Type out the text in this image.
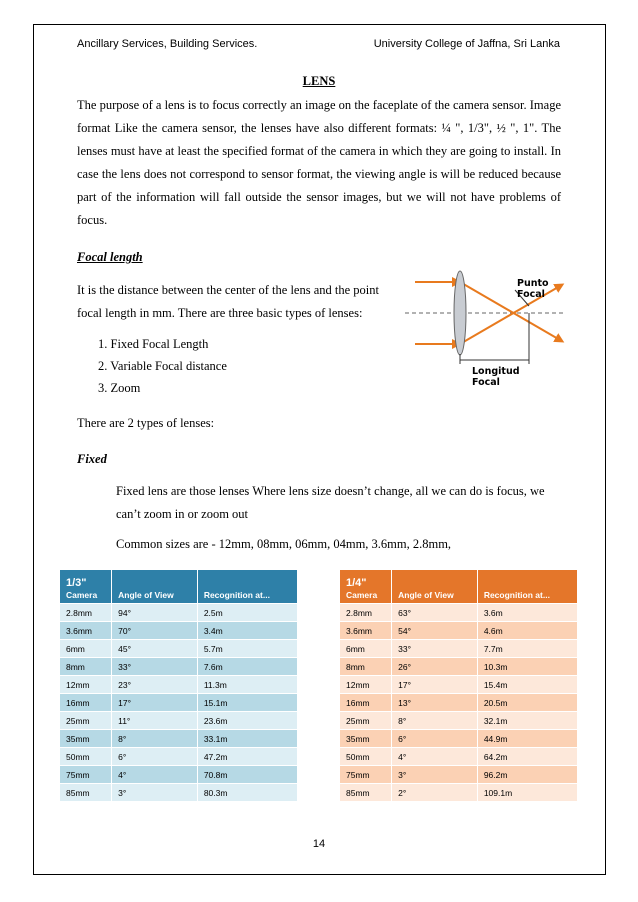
Ancillary Services, Building Services.	University College of Jaffna, Sri Lanka
LENS
The purpose of a lens is to focus correctly an image on the faceplate of the camera sensor. Image format Like the camera sensor, the lenses have also different formats: ¼ ", 1/3", ½ ", 1". The lenses must have at least the specified format of the camera in which they are going to install. In case the lens does not correspond to sensor format, the viewing angle is will be reduced because part of the information will fall outside the sensor images, but we will not have problems of focus.
Focal length
It is the distance between the center of the lens and the point
focal length in mm. There are three basic types of lenses:
1. Fixed Focal Length
2. Variable Focal distance
3. Zoom
Punto
Focal
Longitud
Focal
There are 2 types of lenses:
Fixed
Fixed lens are those lenses Where lens size doesn’t change, all we can do is focus, we
can’t zoom in or zoom out
Common sizes are - 12mm, 08mm, 06mm, 04mm, 3.6mm, 2.8mm,
1/3"
Camera	Angle of View	Recognition at...
2.8mm	94°	2.5m
3.6mm	70°	3.4m
6mm	45°	5.7m
8mm	33°	7.6m
12mm	23°	11.3m
16mm	17°	15.1m
25mm	11°	23.6m
35mm	8°	33.1m
50mm	6°	47.2m
75mm	4°	70.8m
85mm	3°	80.3m
1/4"
Camera	Angle of View	Recognition at...
2.8mm	63°	3.6m
3.6mm	54°	4.6m
6mm	33°	7.7m
8mm	26°	10.3m
12mm	17°	15.4m
16mm	13°	20.5m
25mm	8°	32.1m
35mm	6°	44.9m
50mm	4°	64.2m
75mm	3°	96.2m
85mm	2°	109.1m
14
